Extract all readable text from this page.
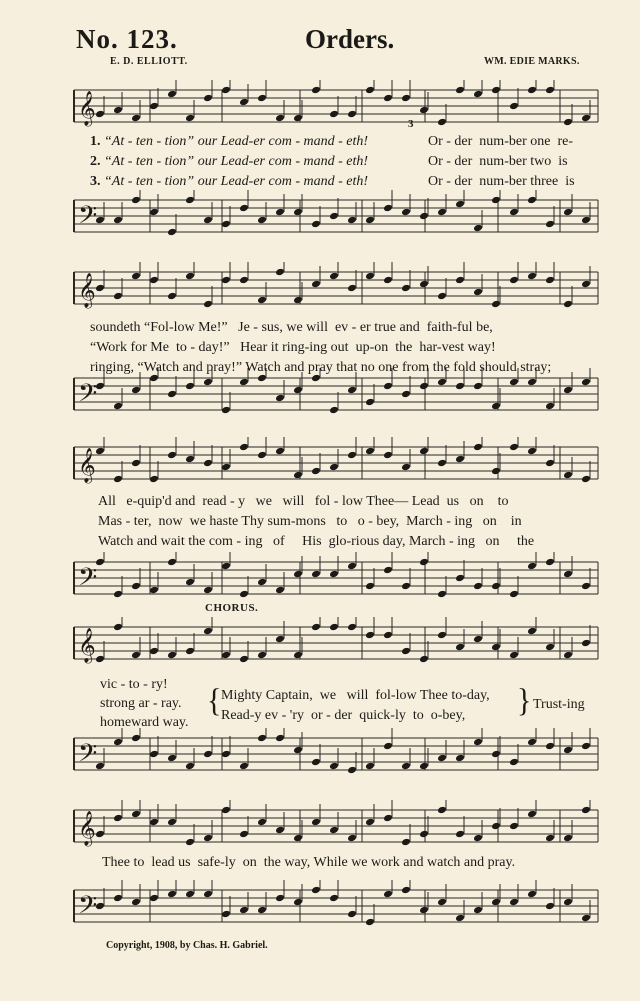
No. 123.	Orders.
E. D. ELLIOTT.	WM. EDIE MARKS.
𝄞
𝄢
𝄞
𝄢
𝄞
𝄢
𝄞
𝄢
𝄞
𝄢
1. “At - ten - tion” our Lead-er com - mand - eth!	Or - der  num-ber one  re-
2. “At - ten - tion” our Lead-er com - mand - eth!	Or - der  num-ber two  is
3. “At - ten - tion” our Lead-er com - mand - eth!	Or - der  num-ber three  is
3
soundeth “Fol-low Me!”   Je - sus, we will  ev - er true and  faith-ful be,
“Work for Me  to - day!”   Hear it ring-ing out  up-on  the  har-vest way!
ringing, “Watch and pray!” Watch and pray that no one from the fold should stray;
All   e-quip'd and  read - y   we   will   fol - low Thee— Lead  us   on    to
Mas - ter,  now  we haste Thy sum-mons   to   o - bey,  March - ing   on    in
Watch and wait the com - ing   of     His  glo-rious day, March - ing   on     the
CHORUS.
vic - to - ry!
strong ar - ray.
homeward way.
{ Mighty Captain,  we   will  fol-low Thee to-day,
Read-y ev - 'ry  or - der  quick-ly  to  o-bey, } Trust-ing
Thee to  lead us  safe-ly  on  the way, While we work and watch and pray.
Copyright, 1908, by Chas. H. Gabriel.
